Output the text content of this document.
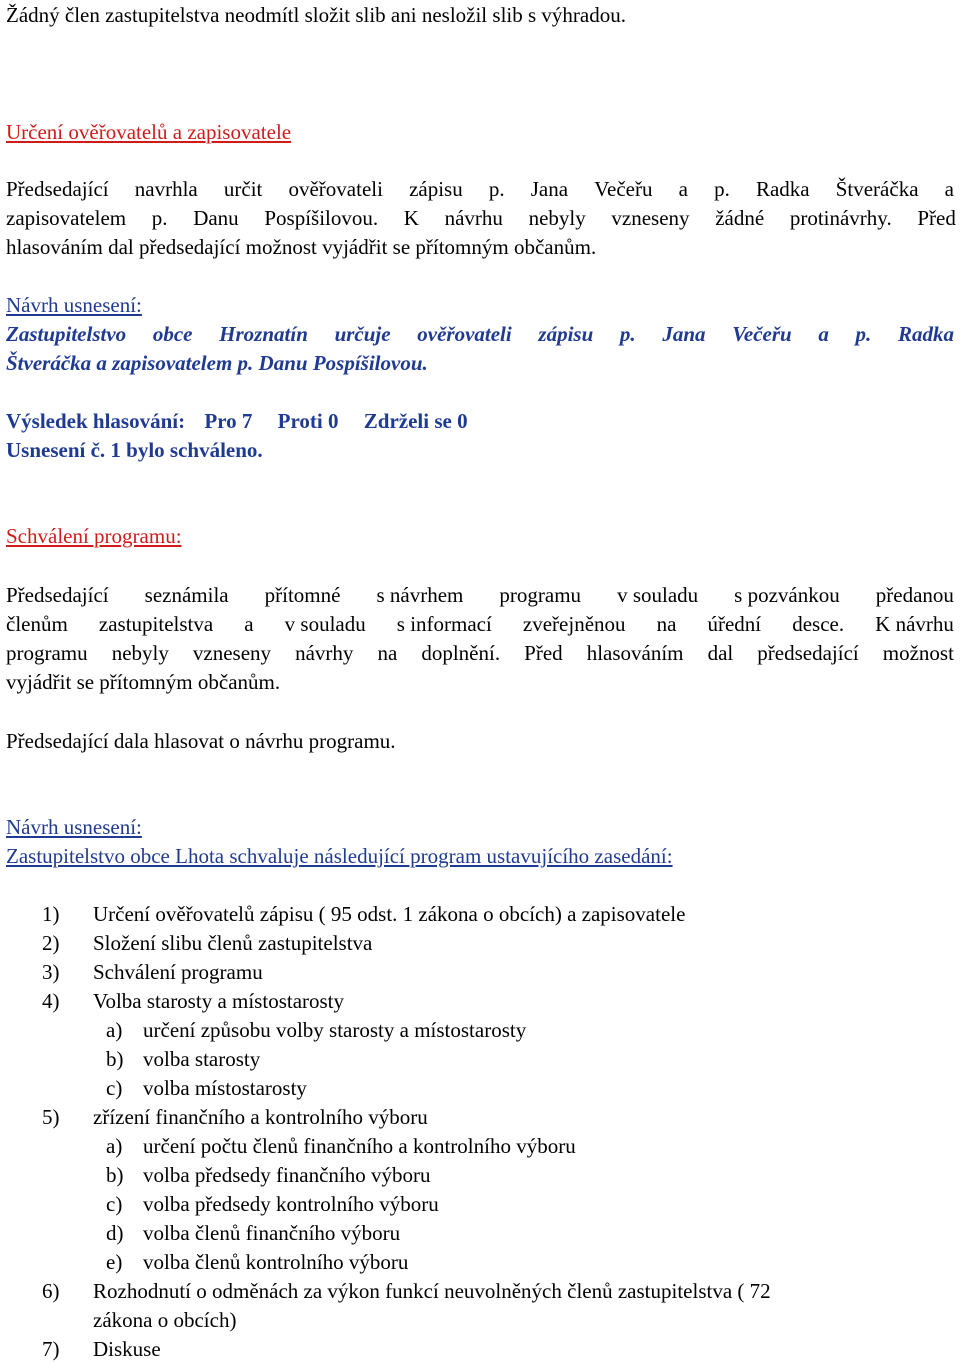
Žádný člen zastupitelstva neodmítl složit slib ani nesložil slib s výhradou.
Určení ověřovatelů a zapisovatele
Předsedající navrhla určit ověřovateli zápisu p. Jana Večeřu a p. Radka Štveráčka a
zapisovatelem p. Danu Pospíšilovou. K návrhu nebyly vzneseny žádné protinávrhy. Před
hlasováním dal předsedající možnost vyjádřit se přítomným občanům.
Návrh usnesení:
Zastupitelstvo obce Hroznatín určuje ověřovateli zápisu p. Jana Večeřu a p. Radka
Štveráčka a zapisovatelem p. Danu Pospíšilovou.
Výsledek hlasování: Pro 7 Proti 0 Zdrželi se 0
Usnesení č. 1 bylo schváleno.
Schválení programu:
Předsedající seznámila přítomné s návrhem programu v souladu s pozvánkou předanou
členům zastupitelstva a v souladu s informací zveřejněnou na úřední desce. K návrhu
programu nebyly vzneseny návrhy na doplnění. Před hlasováním dal předsedající možnost
vyjádřit se přítomným občanům.
Předsedající dala hlasovat o návrhu programu.
Návrh usnesení:
Zastupitelstvo obce Lhota schvaluje následující program ustavujícího zasedání:
1) Určení ověřovatelů zápisu ( 95 odst. 1 zákona o obcích) a zapisovatele
2) Složení slibu členů zastupitelstva
3) Schválení programu
4) Volba starosty a místostarosty
a) určení způsobu volby starosty a místostarosty
b) volba starosty
c) volba místostarosty
5) zřízení finančního a kontrolního výboru
a) určení počtu členů finančního a kontrolního výboru
b) volba předsedy finančního výboru
c) volba předsedy kontrolního výboru
d) volba členů finančního výboru
e) volba členů kontrolního výboru
6) Rozhodnutí o odměnách za výkon funkcí neuvolněných členů zastupitelstva ( 72
zákona o obcích)
7) Diskuse
